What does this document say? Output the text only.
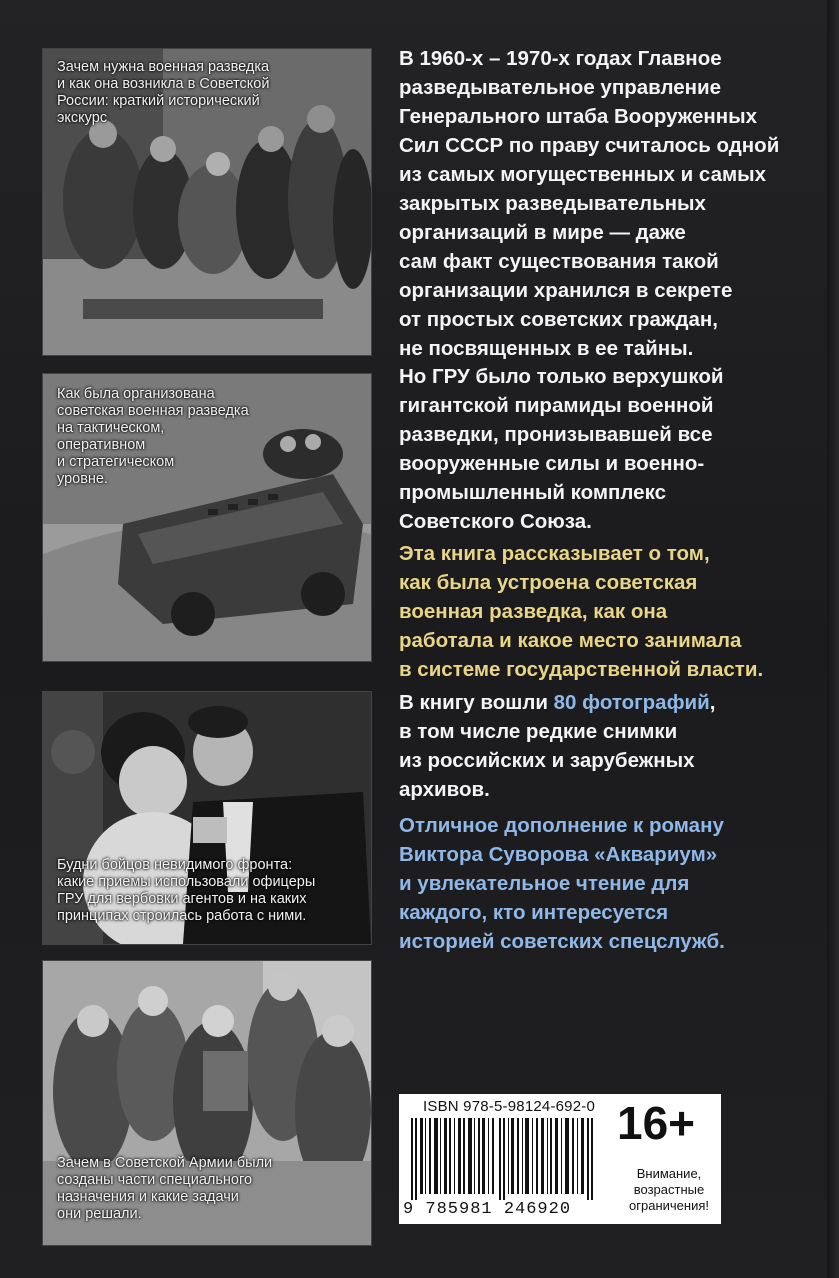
Зачем нужна военная разведка
и как она возникла в Советской
России: краткий исторический
экскурс
Как была организована
советская военная разведка
на тактическом,
оперативном
и стратегическом
уровне.
Будни бойцов невидимого фронта:
какие приемы использовали офицеры
ГРУ для вербовки агентов и на каких
принципах строилась работа с ними.
Зачем в Советской Армии были
созданы части специального
назначения и какие задачи
они решали.

В 1960-х – 1970-х годах Главное
разведывательное управление
Генерального штаба Вооруженных
Сил СССР по праву считалось одной
из самых могущественных и самых
закрытых разведывательных
организаций в мире — даже
сам факт существования такой
организации хранился в секрете
от простых советских граждан,
не посвященных в ее тайны.

Но ГРУ было только верхушкой
гигантской пирамиды военной
разведки, пронизывавшей все
вооруженные силы и военно-
промышленный комплекс
Советского Союза.

Эта книга рассказывает о том,
как была устроена советская
военная разведка, как она
работала и какое место занимала
в системе государственной власти.

В книгу вошли 80 фотографий,
в том числе редкие снимки
из российских и зарубежных
архивов.

Отличное дополнение к роману
Виктора Суворова «Аквариум»
и увлекательное чтение для
каждого, кто интересуется
историей советских спецслужб.

ISBN 978-5-98124-692-0
9 785981 246920
16+
Внимание,
возрастные
ограничения!
